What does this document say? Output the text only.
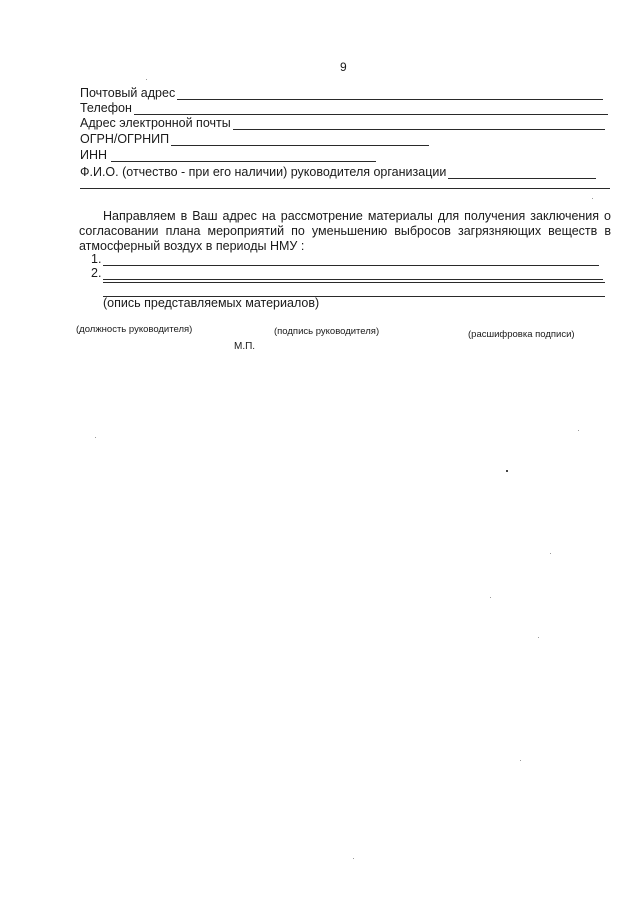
9
Почтовый адрес
Телефон
Адрес электронной почты
ОГРН/ОГРНИП
ИНН
Ф.И.О. (отчество - при его наличии) руководителя организации
Направляем в Ваш адрес на рассмотрение материалы для получения заключения о согласовании плана мероприятий по уменьшению выбросов загрязняющих веществ в атмосферный воздух в периоды НМУ :
1.
2.
(опись представляемых материалов)
(должность руководителя)	(подпись руководителя)	(расшифровка подписи)
М.П.
